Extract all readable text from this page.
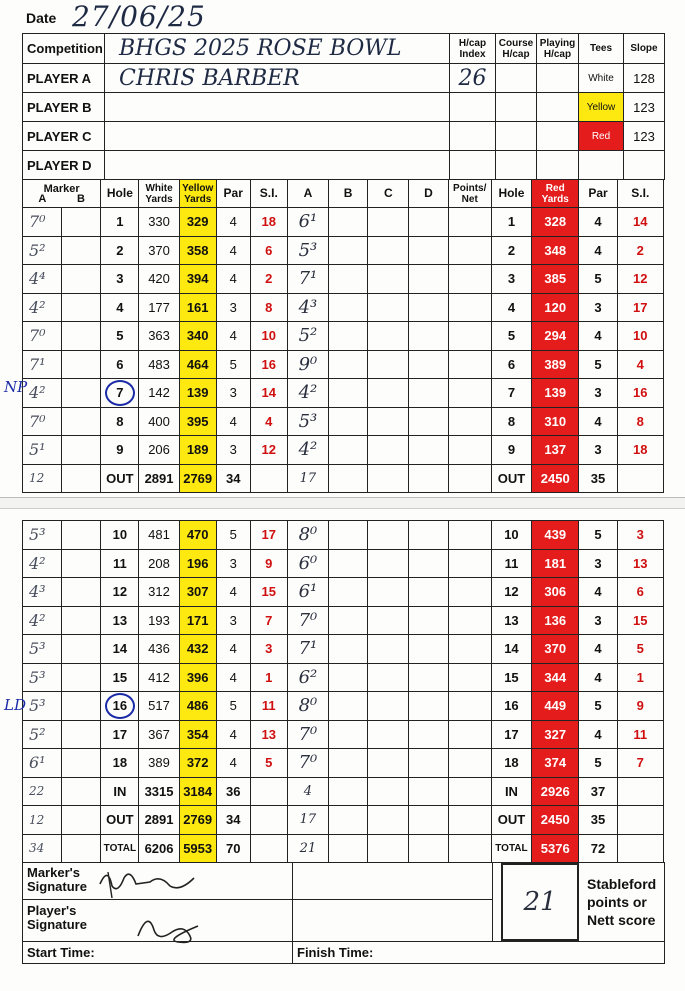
Date 27/06/25
Competition	BHGS 2025 ROSE BOWL	H/cap Index	Course H/cap	Playing H/cap	Tees	Slope
PLAYER A	CHRIS BARBER	26			White	128
PLAYER B					Yellow	123
PLAYER C					Red	123
PLAYER D						
Marker
A B		Hole	White Yards	Yellow Yards	Par	S.I.	A	B	C	D	Points/ Net	Hole	Red Yards	Par	S.I.
7⁰		1	330	329	4	18	6¹					1	328	4	14
5²		2	370	358	4	6	5³					2	348	4	2
4⁴		3	420	394	4	2	7¹					3	385	5	12
4²		4	177	161	3	8	4³					4	120	3	17
7⁰		5	363	340	4	10	5²					5	294	4	10
7¹		6	483	464	5	16	9⁰					6	389	5	4
4²		7	142	139	3	14	4²					7	139	3	16
7⁰		8	400	395	4	4	5³					8	310	4	8
5¹		9	206	189	3	12	4²					9	137	3	18
12		OUT	2891	2769	34		17					OUT	2450	35	
5³		10	481	470	5	17	8⁰					10	439	5	3
4²		11	208	196	3	9	6⁰					11	181	3	13
4³		12	312	307	4	15	6¹					12	306	4	6
4²		13	193	171	3	7	7⁰					13	136	3	15
5³		14	436	432	4	3	7¹					14	370	4	5
5³		15	412	396	4	1	6²					15	344	4	1
5³		16	517	486	5	11	8⁰					16	449	5	9
5²		17	367	354	4	13	7⁰					17	327	4	11
6¹		18	389	372	4	5	7⁰					18	374	5	7
22		IN	3315	3184	36		4					IN	2926	37	
12		OUT	2891	2769	34		17					OUT	2450	35	
34		TOTAL	6206	5953	70		21					TOTAL	5376	72	
NP
LD
Marker's Signature		21
Stableford points or Nett score

Player's Signature		
Start Time:	Finish Time:	
